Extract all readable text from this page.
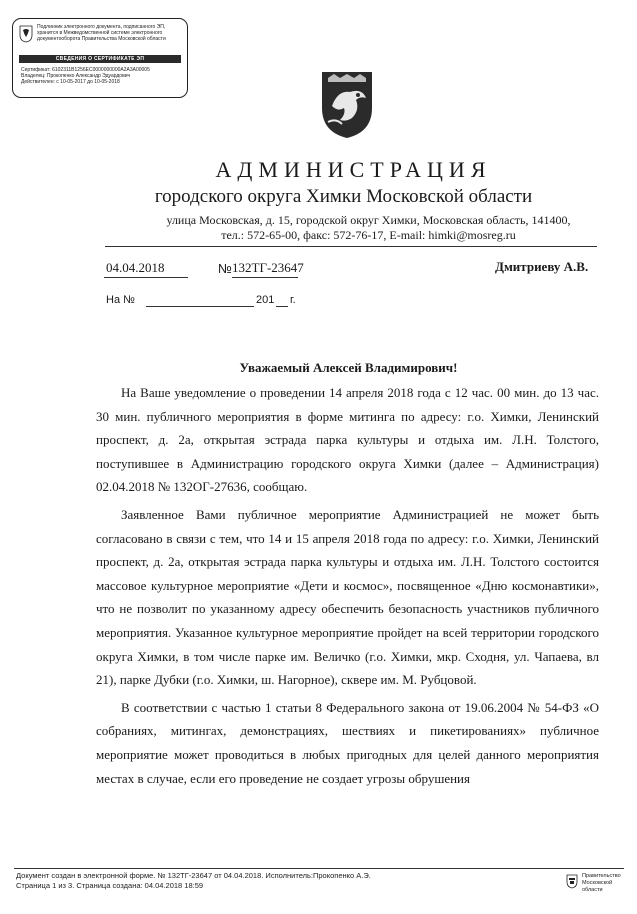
Подлинник электронного документа, подписанного ЭП,
хранится в Межведомственной системе электронного
документооборота Правительства Московской области
СВЕДЕНИЯ О СЕРТИФИКАТЕ ЭП
Сертификат: 6102311B1256EC0000000000A2A3A00005
Владелец: Прокопенко Александр Эдуардович
Действителен: с 10-05-2017 до 10-05-2018
АДМИНИСТРАЦИЯ
городского округа Химки Московской области
улица Московская, д. 15, городской округ Химки, Московская область, 141400,
тел.: 572-65-00, факс: 572-76-17, E-mail: himki@mosreg.ru
04.04.2018	№ 132ТГ-23647	Дмитриеву А.В.
На №	201 г.
Уважаемый Алексей Владимирович!

На Ваше уведомление о проведении 14 апреля 2018 года с 12 час. 00 мин. до 13 час. 30 мин. публичного мероприятия в форме митинга по адресу: г.о. Химки, Ленинский проспект, д. 2а, открытая эстрада парка культуры и отдыха им. Л.Н. Толстого, поступившее в Администрацию городского округа Химки (далее – Администрация) 02.04.2018 № 132ОГ-27636, сообщаю.

Заявленное Вами публичное мероприятие Администрацией не может быть согласовано в связи с тем, что 14 и 15 апреля 2018 года по адресу: г.о. Химки, Ленинский проспект, д. 2а, открытая эстрада парка культуры и отдыха им. Л.Н. Толстого состоится массовое культурное мероприятие «Дети и космос», посвященное «Дню космонавтики», что не позволит по указанному адресу обеспечить безопасность участников публичного мероприятия. Указанное культурное мероприятие пройдет на всей территории городского округа Химки, в том числе парке им. Величко (г.о. Химки, мкр. Сходня, ул. Чапаева, вл 21), парке Дубки (г.о. Химки, ш. Нагорное), сквере им. М. Рубцовой.

В соответствии с частью 1 статьи 8 Федерального закона от 19.06.2004 № 54-ФЗ «О собраниях, митингах, демонстрациях, шествиях и пикетированиях» публичное мероприятие может проводиться в любых пригодных для целей данного мероприятия местах в случае, если его проведение не создает угрозы обрушения

Документ создан в электронной форме. № 132ТГ-23647 от 04.04.2018. Исполнитель:Прокопенко А.Э.
Страница 1 из 3. Страница создана: 04.04.2018 18:59
Правительство
Московской области
